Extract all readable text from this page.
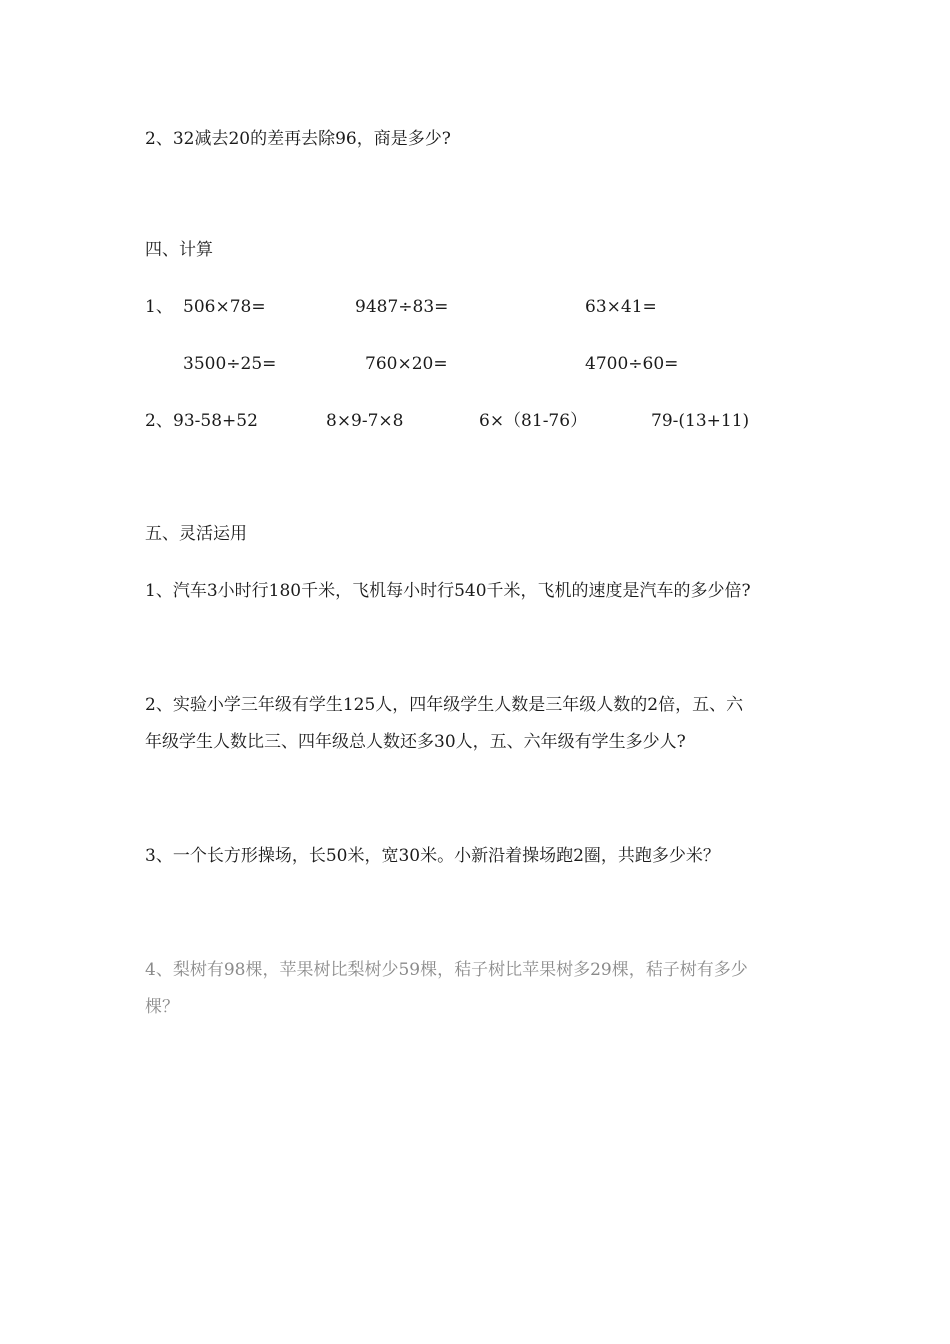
2、32减去20的差再去除96，商是多少?
四、计算
1、 506×78=	9487÷83=	63×41=
3500÷25=	760×20=	4700÷60=
2、 93-58+52	8×9-7×8	6×（81-76）	79-(13+11)
五、灵活运用
1、汽车3小时行180千米，飞机每小时行540千米，飞机的速度是汽车的多少倍?
2、实验小学三年级有学生125人，四年级学生人数是三年级人数的2倍，五、六
年级学生人数比三、四年级总人数还多30人，五、六年级有学生多少人?
3、一个长方形操场，长50米，宽30米。小新沿着操场跑2圈，共跑多少米？
4、梨树有98棵，苹果树比梨树少59棵，秸子树比苹果树多29棵，秸子树有多少
棵？
